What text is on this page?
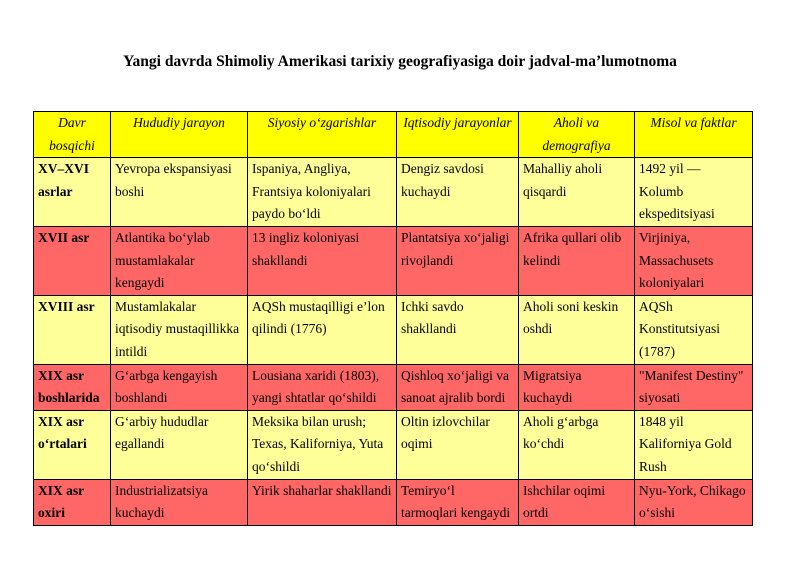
Yangi davrda Shimoliy Amerikasi tarixiy geografiyasiga doir jadval-ma’lumotnoma
Davr bosqichi	Hududiy jarayon	Siyosiy o‘zgarishlar	Iqtisodiy jarayonlar	Aholi va demografiya	Misol va faktlar
XV–XVI asrlar	Yevropa ekspansiyasi boshi	Ispaniya, Angliya, Frantsiya koloniyalari paydo bo‘ldi	Dengiz savdosi kuchaydi	Mahalliy aholi qisqardi	1492 yil — Kolumb ekspeditsiyasi
XVII asr	Atlantika bo‘ylab mustamlakalar kengaydi	13 ingliz koloniyasi shakllandi	Plantatsiya xo‘jaligi rivojlandi	Afrika qullari olib kelindi	Virjiniya, Massachusets koloniyalari
XVIII asr	Mustamlakalar iqtisodiy mustaqillikka intildi	AQSh mustaqilligi e’lon qilindi (1776)	Ichki savdo shakllandi	Aholi soni keskin oshdi	AQSh Konstitutsiyasi (1787)
XIX asr boshlarida	G‘arbga kengayish boshlandi	Lousiana xaridi (1803), yangi shtatlar qo‘shildi	Qishloq xo‘jaligi va sanoat ajralib bordi	Migratsiya kuchaydi	"Manifest Destiny" siyosati
XIX asr o‘rtalari	G‘arbiy hududlar egallandi	Meksika bilan urush; Texas, Kaliforniya, Yuta qo‘shildi	Oltin izlovchilar oqimi	Aholi g‘arbga ko‘chdi	1848 yil Kaliforniya Gold Rush
XIX asr oxiri	Industrializatsiya kuchaydi	Yirik shaharlar shakllandi	Temiryo‘l tarmoqlari kengaydi	Ishchilar oqimi ortdi	Nyu-York, Chikago o‘sishi
